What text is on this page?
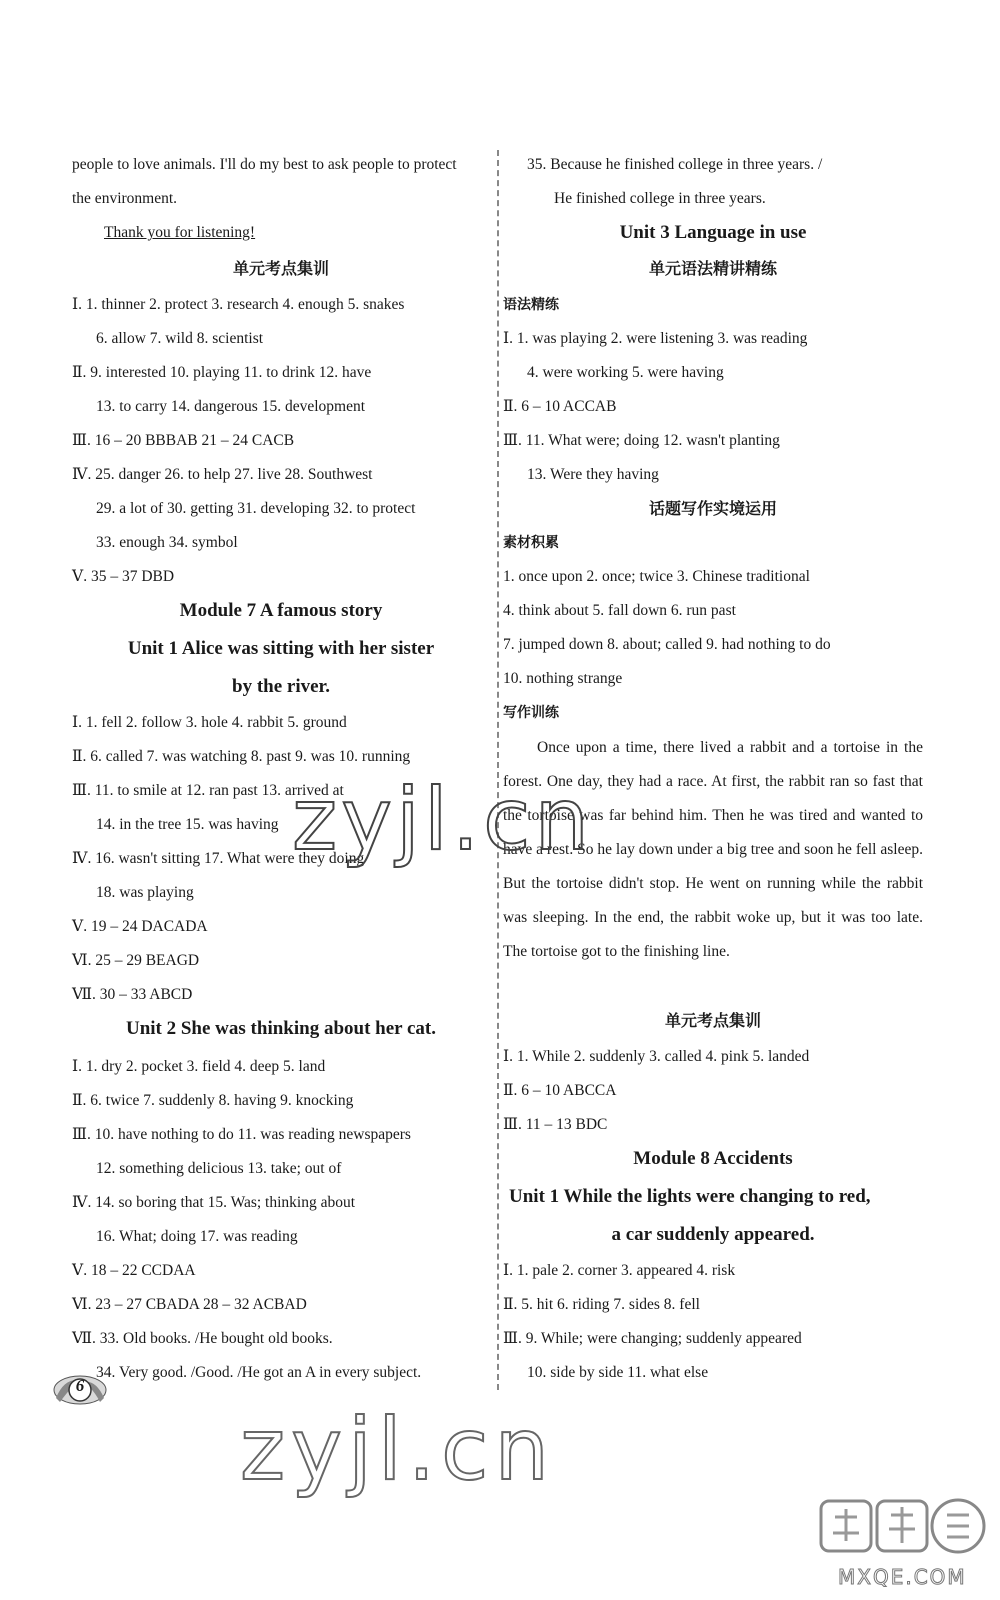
people to love animals. I'll do my best to ask people to protect
the environment.
Thank you for listening!
单元考点集训
Ⅰ. 1. thinner 2. protect 3. research 4. enough 5. snakes
6. allow 7. wild 8. scientist
Ⅱ. 9. interested 10. playing 11. to drink 12. have
13. to carry 14. dangerous 15. development
Ⅲ. 16 – 20 BBBAB 21 – 24 CACB
Ⅳ. 25. danger 26. to help 27. live 28. Southwest
29. a lot of 30. getting 31. developing 32. to protect
33. enough 34. symbol
Ⅴ. 35 – 37 DBD
Module 7 A famous story
Unit 1 Alice was sitting with her sister
by the river.
Ⅰ. 1. fell 2. follow 3. hole 4. rabbit 5. ground
Ⅱ. 6. called 7. was watching 8. past 9. was 10. running
Ⅲ. 11. to smile at 12. ran past 13. arrived at
14. in the tree 15. was having
Ⅳ. 16. wasn't sitting 17. What were they doing
18. was playing
Ⅴ. 19 – 24 DACADA
Ⅵ. 25 – 29 BEAGD
Ⅶ. 30 – 33 ABCD
Unit 2 She was thinking about her cat.
Ⅰ. 1. dry 2. pocket 3. field 4. deep 5. land
Ⅱ. 6. twice 7. suddenly 8. having 9. knocking
Ⅲ. 10. have nothing to do 11. was reading newspapers
12. something delicious 13. take; out of
Ⅳ. 14. so boring that 15. Was; thinking about
16. What; doing 17. was reading
Ⅴ. 18 – 22 CCDAA
Ⅵ. 23 – 27 CBADA 28 – 32 ACBAD
Ⅶ. 33. Old books. /He bought old books.
34. Very good. /Good. /He got an A in every subject.
35. Because he finished college in three years. /
He finished college in three years.
Unit 3 Language in use
单元语法精讲精练
语法精练
Ⅰ. 1. was playing 2. were listening 3. was reading
4. were working 5. were having
Ⅱ. 6 – 10 ACCAB
Ⅲ. 11. What were; doing 12. wasn't planting
13. Were they having
话题写作实境运用
素材积累
1. once upon 2. once; twice 3. Chinese traditional
4. think about 5. fall down 6. run past
7. jumped down 8. about; called 9. had nothing to do
10. nothing strange
写作训练
Once upon a time, there lived a rabbit and a tortoise in the forest. One day, they had a race. At first, the rabbit ran so fast that the tortoise was far behind him. Then he was tired and wanted to have a rest. So he lay down under a big tree and soon he fell asleep. But the tortoise didn't stop. He went on running while the rabbit was sleeping. In the end, the rabbit woke up, but it was too late. The tortoise got to the finishing line.
单元考点集训
Ⅰ. 1. While 2. suddenly 3. called 4. pink 5. landed
Ⅱ. 6 – 10 ABCCA
Ⅲ. 11 – 13 BDC
Module 8 Accidents
Unit 1 While the lights were changing to red,
a car suddenly appeared.
Ⅰ. 1. pale 2. corner 3. appeared 4. risk
Ⅱ. 5. hit 6. riding 7. sides 8. fell
Ⅲ. 9. While; were changing; suddenly appeared
10. side by side 11. what else
6
zyjl.cn
zyjl.cn
MXQE.COM
